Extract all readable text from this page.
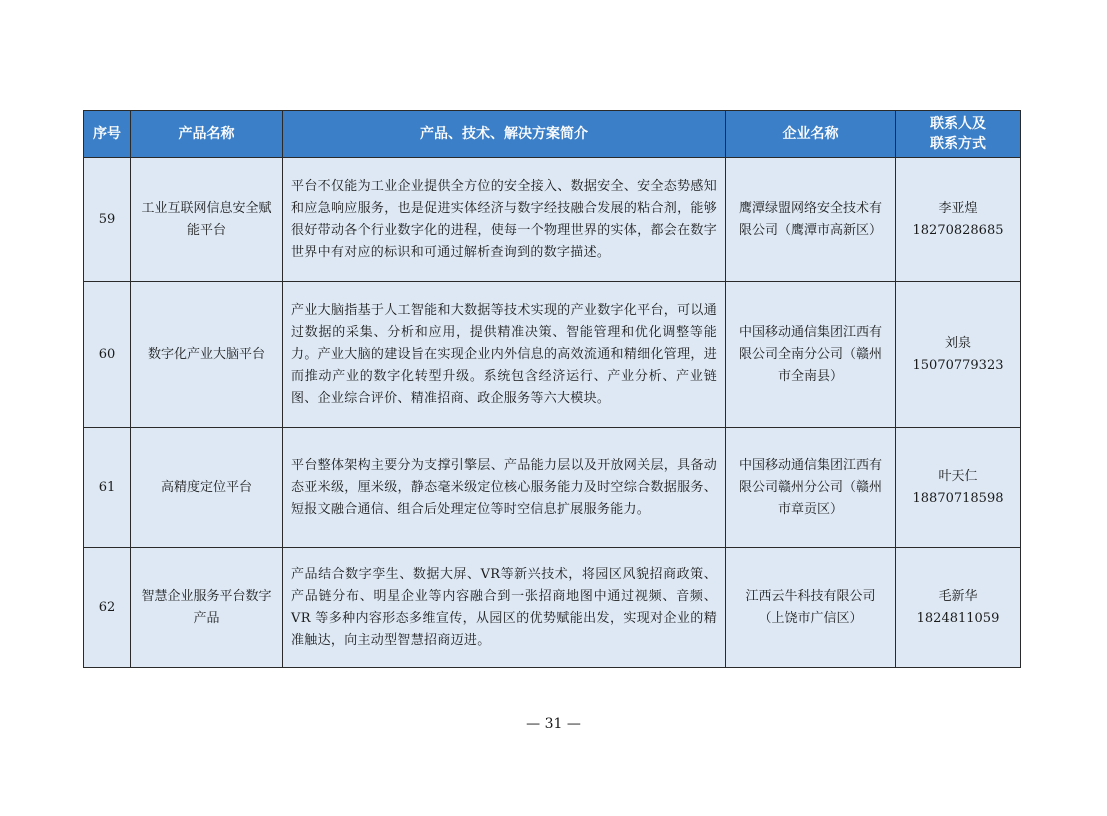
序号	产品名称	产品、技术、解决方案简介	企业名称	联系人及
联系方式

59	工业互联网信息安全赋能平台	平台不仅能为工业企业提供全方位的安全接入、数据安全、安全态势感知和应急响应服务，也是促进实体经济与数字经技融合发展的粘合剂，能够很好带动各个行业数字化的进程，使每一个物理世界的实体，都会在数字世界中有对应的标识和可通过解析查询到的数字描述。	鹰潭绿盟网络安全技术有限公司（鹰潭市高新区）	李亚煌
18270828685

60	数字化产业大脑平台	产业大脑指基于人工智能和大数据等技术实现的产业数字化平台，可以通过数据的采集、分析和应用，提供精准决策、智能管理和优化调整等能力。产业大脑的建设旨在实现企业内外信息的高效流通和精细化管理，进而推动产业的数字化转型升级。系统包含经济运行、产业分析、产业链图、企业综合评价、精准招商、政企服务等六大模块。	中国移动通信集团江西有限公司全南分公司（赣州市全南县）	刘泉
15070779323

61	高精度定位平台	平台整体架构主要分为支撑引擎层、产品能力层以及开放网关层，具备动态亚米级，厘米级，静态毫米级定位核心服务能力及时空综合数据服务、短报文融合通信、组合后处理定位等时空信息扩展服务能力。	中国移动通信集团江西有限公司赣州分公司（赣州市章贡区）	叶天仁
18870718598

62	智慧企业服务平台数字产品	产品结合数字孪生、数据大屏、VR等新兴技术，将园区风貌招商政策、产品链分布、明星企业等内容融合到一张招商地图中通过视频、音频、VR 等多种内容形态多维宣传，从园区的优势赋能出发，实现对企业的精准触达，向主动型智慧招商迈进。	江西云牛科技有限公司（上饶市广信区）	毛新华
1824811059
— 31 —
